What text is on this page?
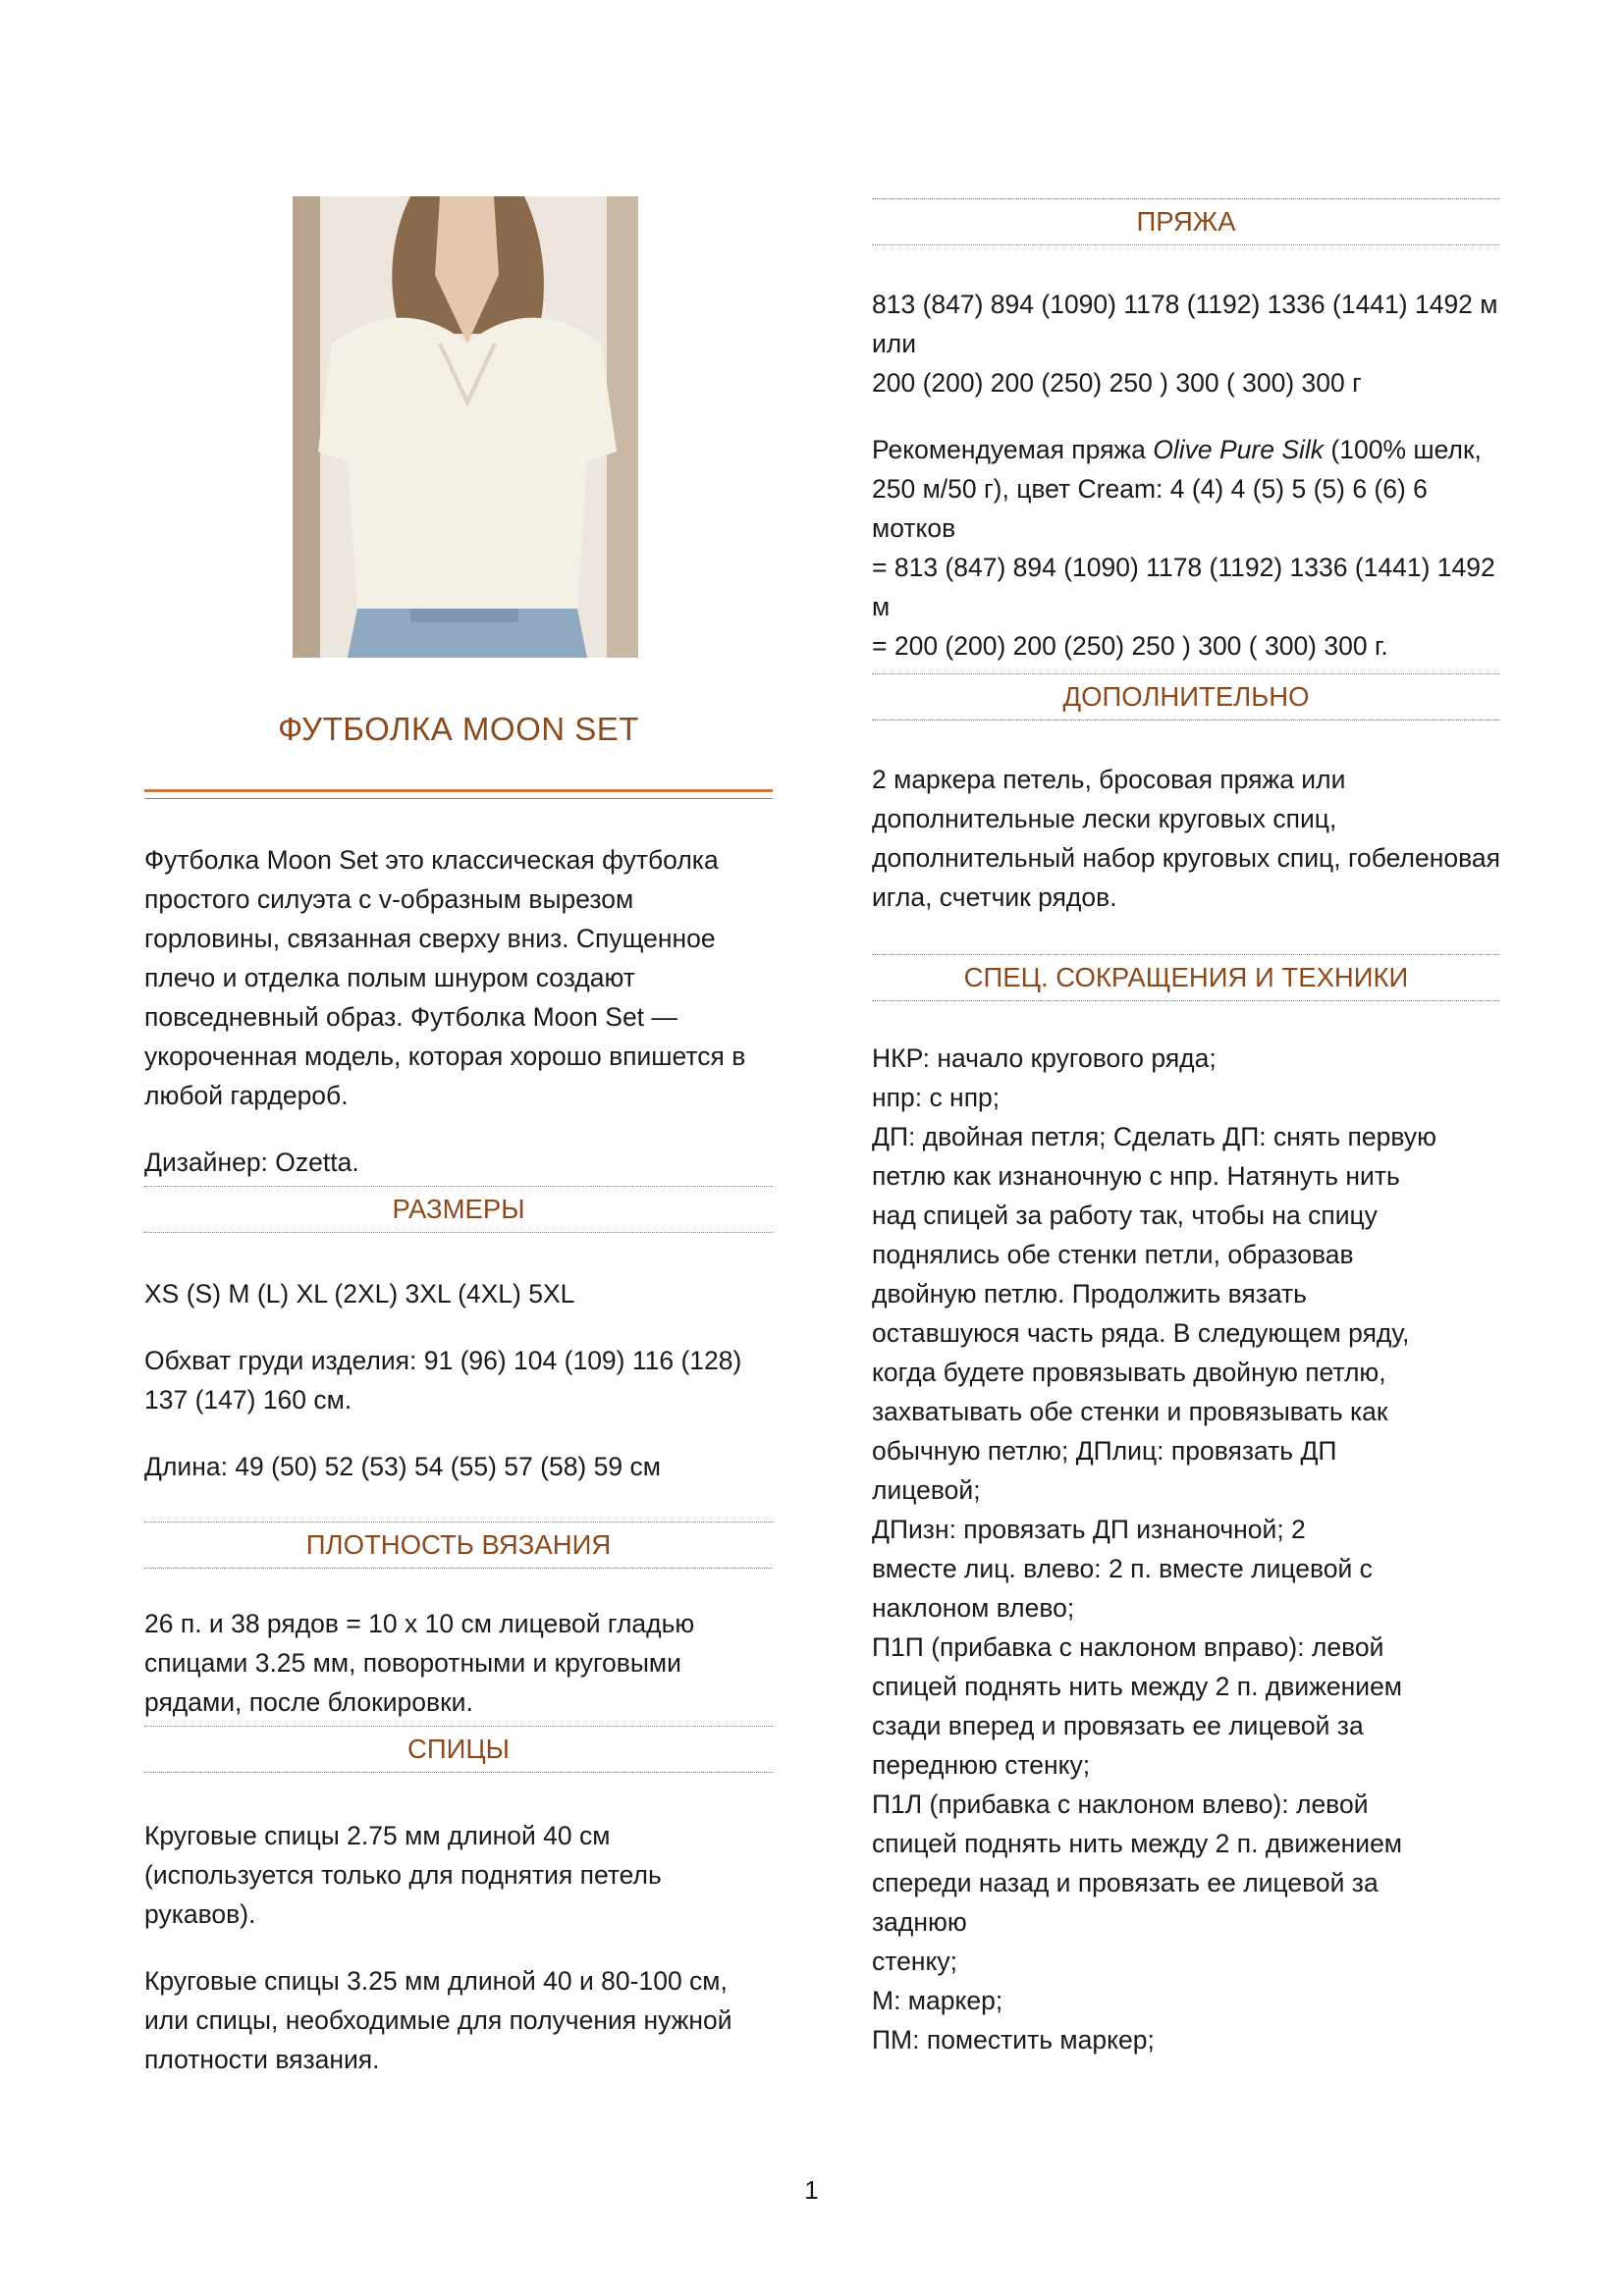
ФУТБОЛКА MOON SET

Футболка Moon Set это классическая футболка простого силуэта с v-образным вырезом горловины, связанная сверху вниз. Спущенное плечо и отделка полым шнуром создают повседневный образ. Футболка Moon Set — укороченная модель, которая хорошо впишется в любой гардероб.

Дизайнер: Ozetta.

РАЗМЕРЫ

XS (S) M (L) XL (2XL) 3XL (4XL) 5XL

Обхват груди изделия: 91 (96) 104 (109) 116 (128) 137 (147) 160 см.

Длина: 49 (50) 52 (53) 54 (55) 57 (58) 59 см

ПЛОТНОСТЬ ВЯЗАНИЯ

26 п. и 38 рядов = 10 x 10 см лицевой гладью спицами 3.25 мм, поворотными и круговыми рядами, после блокировки.

СПИЦЫ

Круговые спицы 2.75 мм длиной 40 см (используется только для поднятия петель рукавов).

Круговые спицы 3.25 мм длиной 40 и 80-100 см, или спицы, необходимые для получения нужной плотности вязания.

ПРЯЖА

813 (847) 894 (1090) 1178 (1192) 1336 (1441) 1492 м или

200 (200) 200 (250) 250 ) 300 ( 300) 300 г

Рекомендуемая пряжа Olive Pure Silk (100% шелк, 250 м/50 г), цвет Cream: 4 (4) 4 (5) 5 (5) 6 (6) 6 мотков

= 813 (847) 894 (1090) 1178 (1192) 1336 (1441) 1492 м

= 200 (200) 200 (250) 250 ) 300 ( 300) 300 г.

ДОПОЛНИТЕЛЬНО

2 маркера петель, бросовая пряжа или дополнительные лески круговых спиц, дополнительный набор круговых спиц, гобеленовая игла, счетчик рядов.

СПЕЦ. СОКРАЩЕНИЯ И ТЕХНИКИ

НКР: начало кругового ряда;

нпр: с нпр;

ДП: двойная петля; Сделать ДП: снять первую

петлю как изнаночную с нпр. Натянуть нить

над спицей за работу так, чтобы на спицу

поднялись обе стенки петли, образовав

двойную петлю. Продолжить вязать

оставшуюся часть ряда. В следующем ряду,

когда будете провязывать двойную петлю,

захватывать обе стенки и провязывать как

обычную петлю; ДПлиц: провязать ДП

лицевой;

ДПизн: провязать ДП изнаночной; 2

вместе лиц. влево: 2 п. вместе лицевой с

наклоном влево;

П1П (прибавка с наклоном вправо): левой

спицей поднять нить между 2 п. движением

сзади вперед и провязать ее лицевой за

переднюю стенку;

П1Л (прибавка с наклоном влево): левой

спицей поднять нить между 2 п. движением

спереди назад и провязать ее лицевой за

заднюю

стенку;

М: маркер;

ПМ: поместить маркер;

1
